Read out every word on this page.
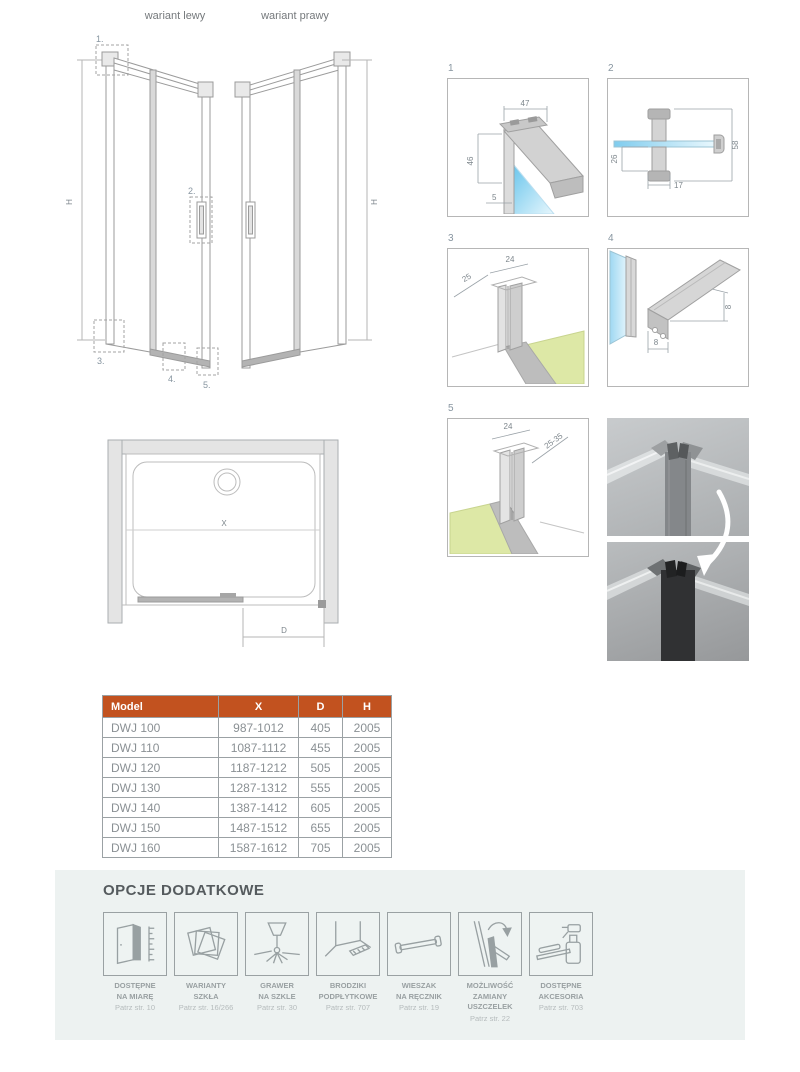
wariant lewy	wariant prawy
H
1.
2.
3.
4.
5.
H
X
D
1
47
46
5
2
26
17
58
3
24
25
4
8
8
5
24
25-35
Model	X	D	H
DWJ 100	987-1012	405	2005
DWJ 110	1087-1112	455	2005
DWJ 120	1187-1212	505	2005
DWJ 130	1287-1312	555	2005
DWJ 140	1387-1412	605	2005
DWJ 150	1487-1512	655	2005
DWJ 160	1587-1612	705	2005
OPCJE DODATKOWE
DOSTĘPNE
NA MIARĘ
Patrz str. 10
WARIANTY
SZKŁA
Patrz str. 16/266
GRAWER
NA SZKLE
Patrz str. 30
BRODZIKI
PODPŁYTKOWE
Patrz str. 707
WIESZAK
NA RĘCZNIK
Patrz str. 19
MOŻLIWOŚĆ
ZAMIANY
USZCZELEK
Patrz str. 22
DOSTĘPNE
AKCESORIA
Patrz str. 703
